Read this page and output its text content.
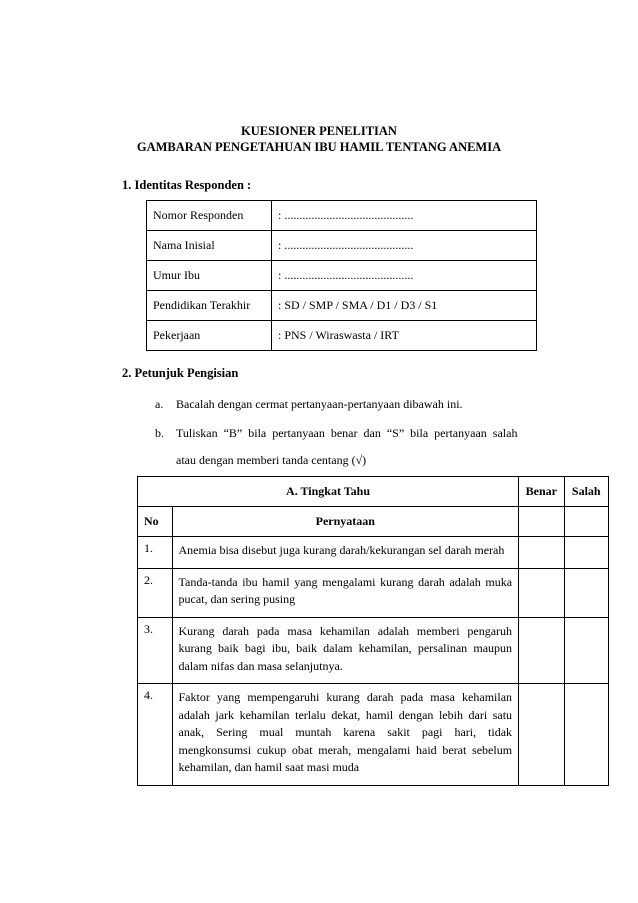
KUESIONER PENELITIAN
GAMBARAN PENGETAHUAN IBU HAMIL TENTANG ANEMIA
1. Identitas Responden :
Nomor Responden	: ...........................................
Nama Inisial	: ...........................................
Umur Ibu	: ...........................................
Pendidikan Terakhir	: SD / SMP / SMA / D1 / D3 / S1
Pekerjaan	: PNS / Wiraswasta / IRT
2. Petunjuk Pengisian
a. Bacalah dengan cermat pertanyaan-pertanyaan dibawah ini.
b. Tuliskan  “B”  bila  pertanyaan  benar  dan  “S”  bila  pertanyaan  salah
atau dengan memberi tanda centang (√)
A. Tingkat Tahu		Benar	Salah
No	Pernyataan		
1.	Anemia bisa disebut juga kurang darah/kekurangan sel darah merah		
2.	Tanda-tanda ibu hamil yang mengalami kurang darah adalah muka pucat, dan sering pusing		
3.	Kurang darah pada masa kehamilan adalah memberi pengaruh kurang baik bagi ibu, baik dalam kehamilan, persalinan maupun dalam nifas dan masa selanjutnya.		
4.	Faktor yang mempengaruhi kurang darah pada masa kehamilan adalah jark kehamilan terlalu dekat, hamil dengan lebih dari satu anak, Sering mual muntah karena sakit pagi hari, tidak mengkonsumsi cukup obat merah, mengalami haid berat sebelum kehamilan, dan hamil saat masi muda		
